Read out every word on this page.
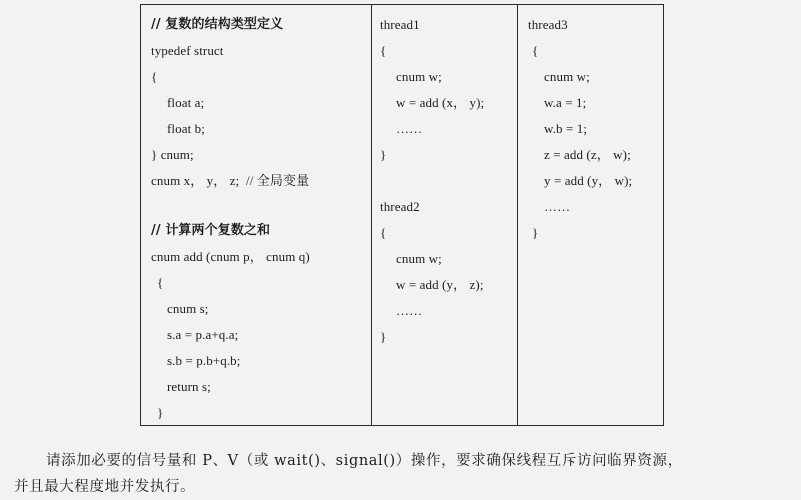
// 复数的结构类型定义
typedef struct
{
float a;
float b;
} cnum;
cnum x， y， z;  // 全局变量
// 计算两个复数之和
cnum add (cnum p， cnum q)
{
cnum s;
s.a = p.a+q.a;
s.b = p.b+q.b;
return s;
}
thread1
{
cnum w;
w = add (x， y);
……
}
thread2
{
cnum w;
w = add (y， z);
……
}
thread3
{
cnum w;
w.a = 1;
w.b = 1;
z = add (z， w);
y = add (y， w);
……
}
请添加必要的信号量和 P、V（或 wait()、signal()）操作，要求确保线程互斥访问临界资源，
并且最大程度地并发执行。
